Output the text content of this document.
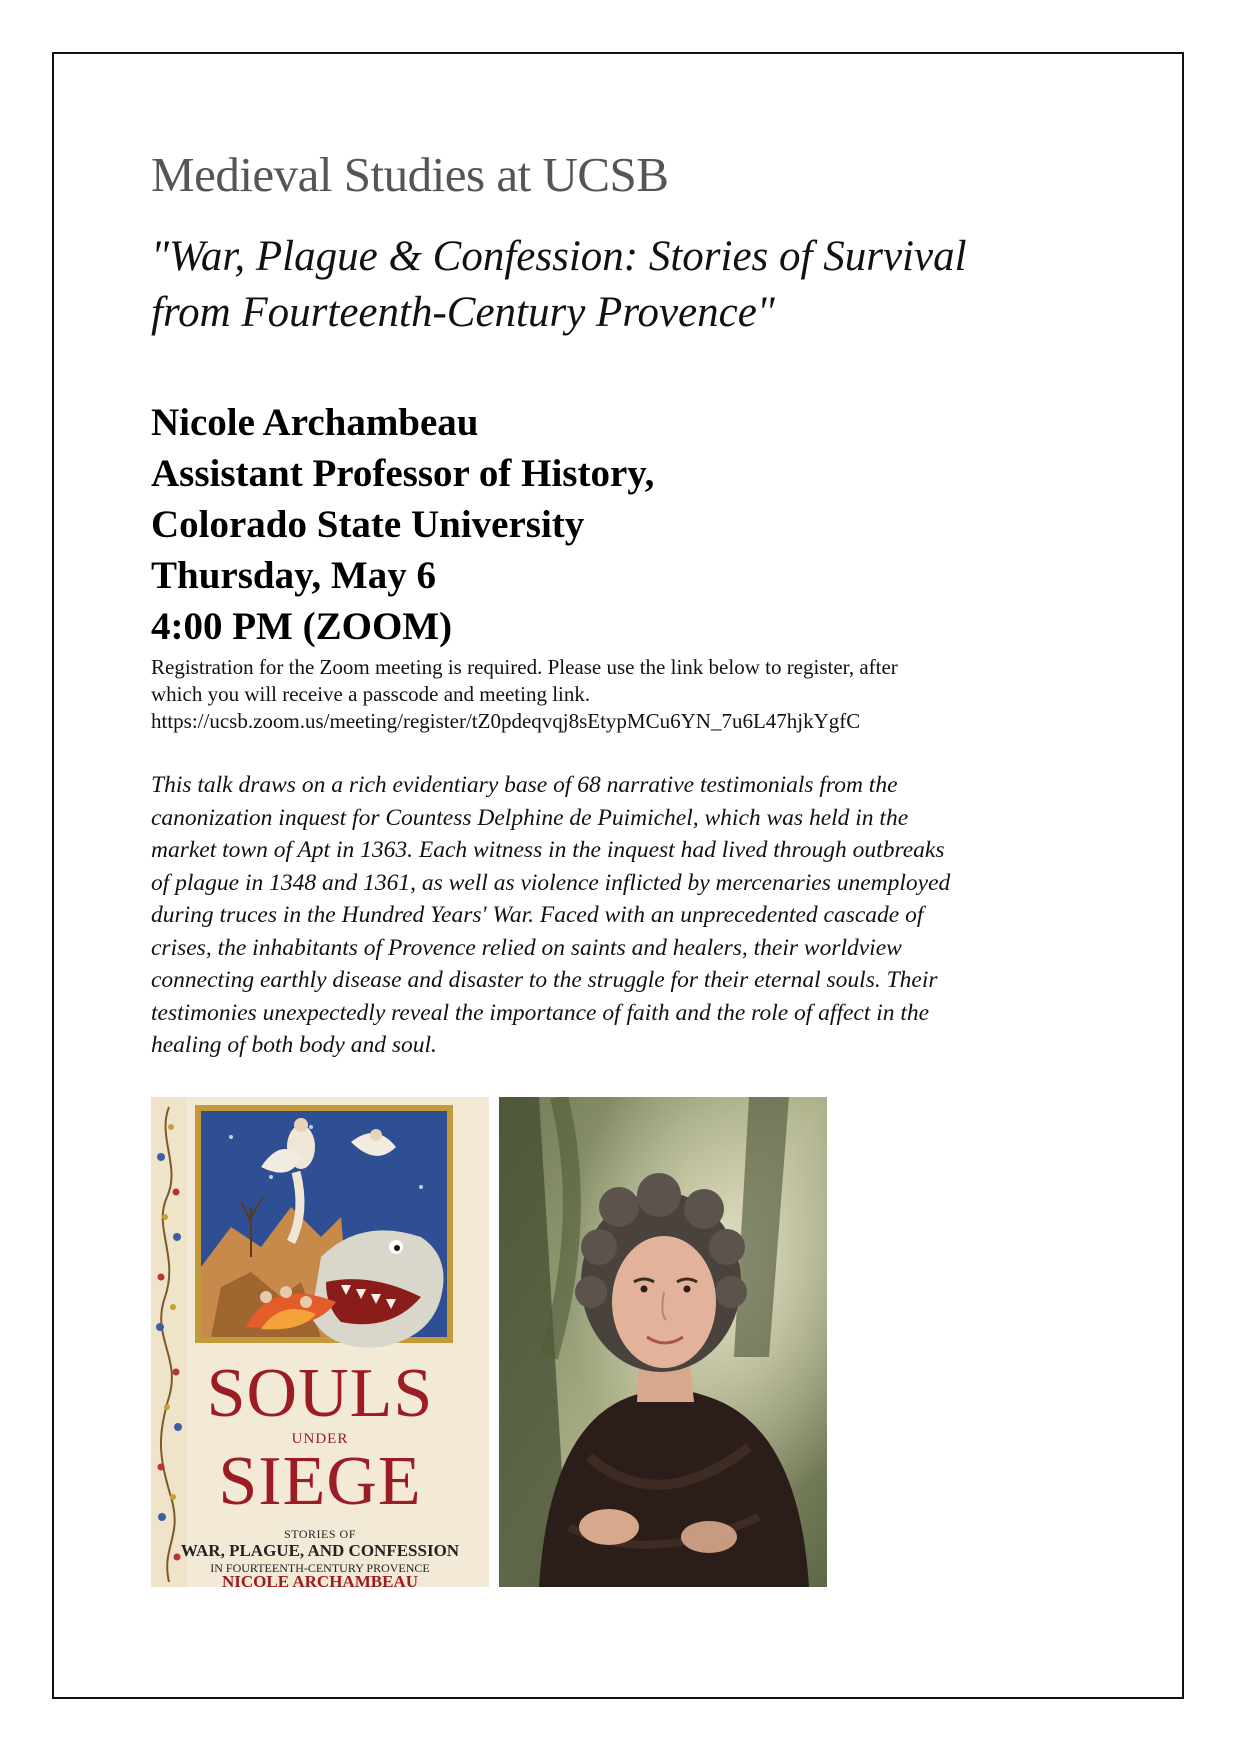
Medieval Studies at UCSB
"War, Plague & Confession: Stories of Survival
from Fourteenth-Century Provence"
Nicole Archambeau
Assistant Professor of History,
Colorado State University
Thursday, May 6
4:00 PM (ZOOM)
Registration for the Zoom meeting is required. Please use the link below to register, after
which you will receive a passcode and meeting link.
https://ucsb.zoom.us/meeting/register/tZ0pdeqvqj8sEtypMCu6YN_7u6L47hjkYgfC
This talk draws on a rich evidentiary base of 68 narrative testimonials from the
canonization inquest for Countess Delphine de Puimichel, which was held in the
market town of Apt in 1363. Each witness in the inquest had lived through outbreaks
of plague in 1348 and 1361, as well as violence inflicted by mercenaries unemployed
during truces in the Hundred Years' War. Faced with an unprecedented cascade of
crises, the inhabitants of Provence relied on saints and healers, their worldview
connecting earthly disease and disaster to the struggle for their eternal souls. Their
testimonies unexpectedly reveal the importance of faith and the role of affect in the
healing of both body and soul.
SOULS
UNDER
SIEGE
STORIES OF
WAR, PLAGUE, AND CONFESSION
IN FOURTEENTH-CENTURY PROVENCE
NICOLE ARCHAMBEAU
